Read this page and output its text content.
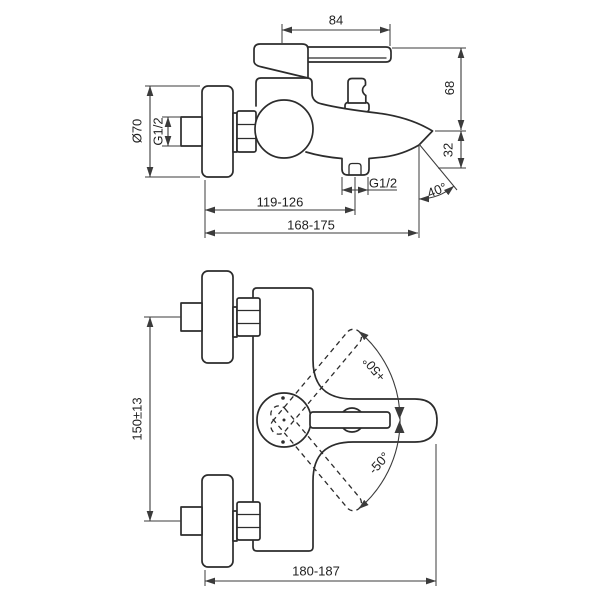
84
68
32
Ø70 G1/2
119-126
168-175
40°
G1/2
150±13
+50°
-50°
180-187
